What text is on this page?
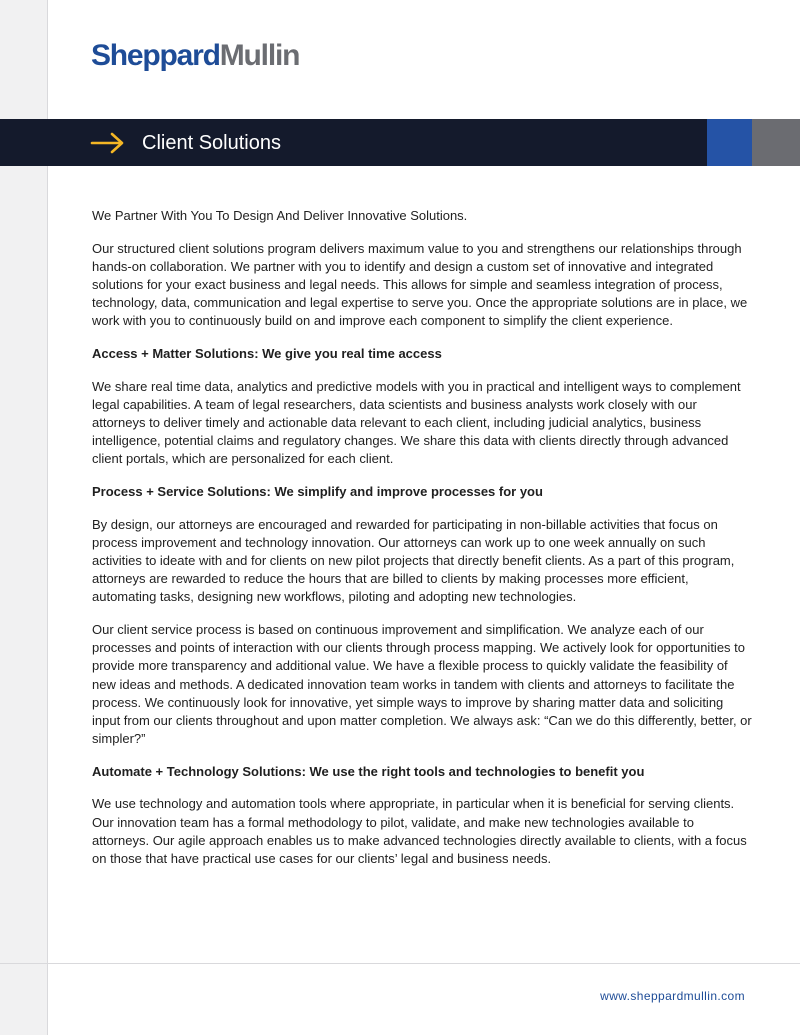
SheppardMullin
Client Solutions

We Partner With You To Design And Deliver Innovative Solutions.

Our structured client solutions program delivers maximum value to you and strengthens our relationships through hands-on collaboration. We partner with you to identify and design a custom set of innovative and integrated solutions for your exact business and legal needs. This allows for simple and seamless integration of process, technology, data, communication and legal expertise to serve you. Once the appropriate solutions are in place, we work with you to continuously build on and improve each component to simplify the client experience.

Access + Matter Solutions: We give you real time access

We share real time data, analytics and predictive models with you in practical and intelligent ways to complement legal capabilities. A team of legal researchers, data scientists and business analysts work closely with our attorneys to deliver timely and actionable data relevant to each client, including judicial analytics, business intelligence, potential claims and regulatory changes. We share this data with clients directly through advanced client portals, which are personalized for each client.

Process + Service Solutions: We simplify and improve processes for you

By design, our attorneys are encouraged and rewarded for participating in non-billable activities that focus on process improvement and technology innovation. Our attorneys can work up to one week annually on such activities to ideate with and for clients on new pilot projects that directly benefit clients. As a part of this program, attorneys are rewarded to reduce the hours that are billed to clients by making processes more efficient, automating tasks, designing new workflows, piloting and adopting new technologies.

Our client service process is based on continuous improvement and simplification. We analyze each of our processes and points of interaction with our clients through process mapping. We actively look for opportunities to provide more transparency and additional value. We have a flexible process to quickly validate the feasibility of new ideas and methods. A dedicated innovation team works in tandem with clients and attorneys to facilitate the process. We continuously look for innovative, yet simple ways to improve by sharing matter data and soliciting input from our clients throughout and upon matter completion. We always ask: “Can we do this differently, better, or simpler?”

Automate + Technology Solutions: We use the right tools and technologies to benefit you

We use technology and automation tools where appropriate, in particular when it is beneficial for serving clients. Our innovation team has a formal methodology to pilot, validate, and make new technologies available to attorneys. Our agile approach enables us to make advanced technologies directly available to clients, with a focus on those that have practical use cases for our clients’ legal and business needs.

www.sheppardmullin.com
